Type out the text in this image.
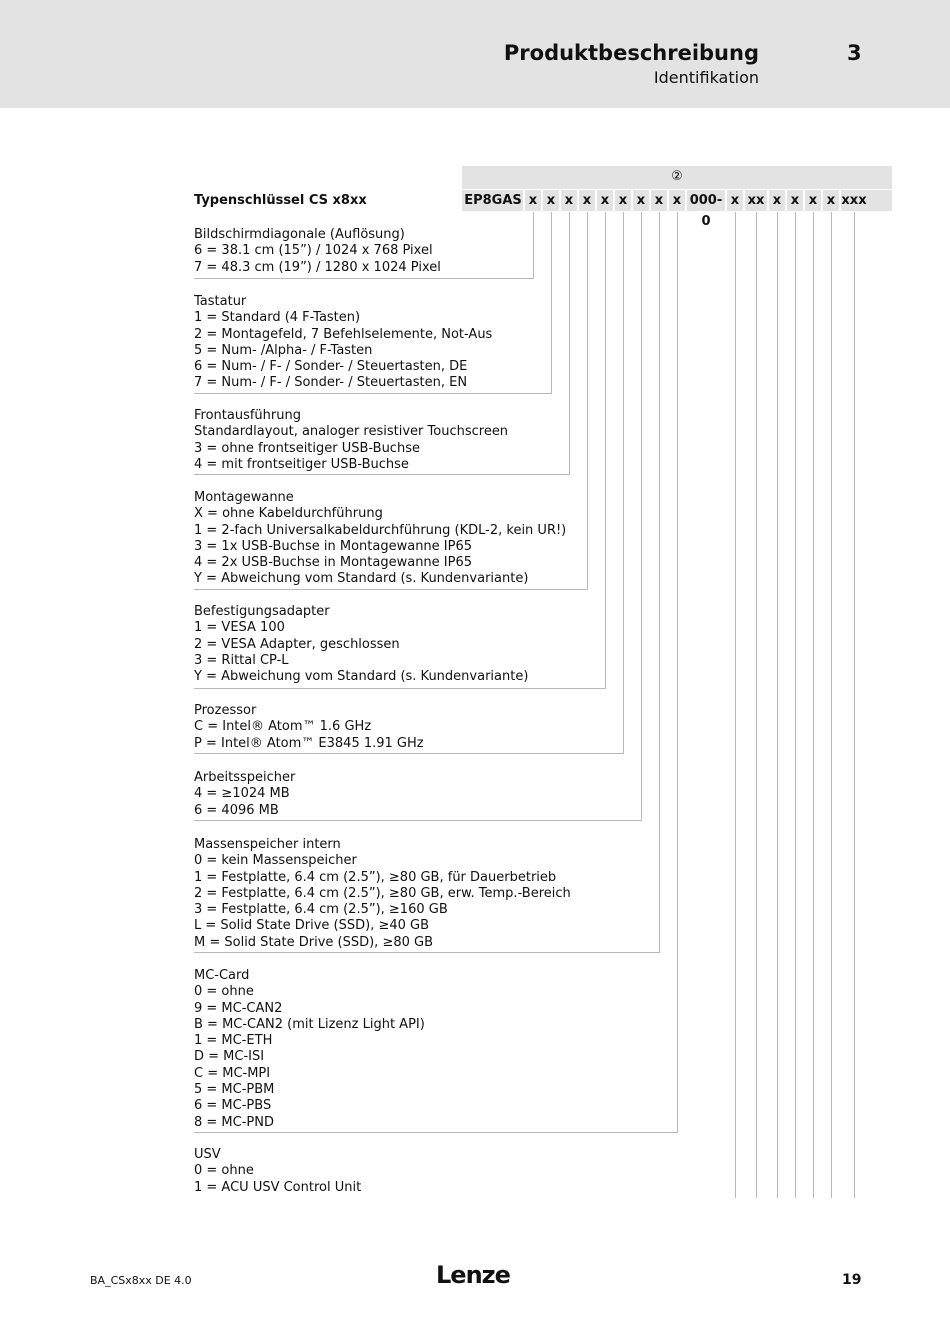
Produktbeschreibung	3
Identifikation
Typenschlüssel CS x8xx
②
EP8GAS x x x x x x x x x 000-0
x xx x x x x xxx
Bildschirmdiagonale (Auflösung)
6 = 38.1 cm (15”) / 1024 x 768 Pixel
7 = 48.3 cm (19”) / 1280 x 1024 Pixel
Tastatur
1 = Standard (4 F-Tasten)
2 = Montagefeld, 7 Befehlselemente, Not-Aus
5 = Num- /Alpha- / F-Tasten
6 = Num- / F- / Sonder- / Steuertasten, DE
7 = Num- / F- / Sonder- / Steuertasten, EN
Frontausführung
Standardlayout, analoger resistiver Touchscreen
3 = ohne frontseitiger USB-Buchse
4 = mit frontseitiger USB-Buchse
Montagewanne
X = ohne Kabeldurchführung
1 = 2-fach Universalkabeldurchführung (KDL-2, kein UR!)
3 = 1x USB-Buchse in Montagewanne IP65
4 = 2x USB-Buchse in Montagewanne IP65
Y = Abweichung vom Standard (s. Kundenvariante)
Befestigungsadapter
1 = VESA 100
2 = VESA Adapter, geschlossen
3 = Rittal CP-L
Y = Abweichung vom Standard (s. Kundenvariante)
Prozessor
C = Intel® Atom™ 1.6 GHz
P = Intel® Atom™ E3845 1.91 GHz
Arbeitsspeicher
4 = ≥1024 MB
6 = 4096 MB
Massenspeicher intern
0 = kein Massenspeicher
1 = Festplatte, 6.4 cm (2.5”), ≥80 GB, für Dauerbetrieb
2 = Festplatte, 6.4 cm (2.5”), ≥80 GB, erw. Temp.-Bereich
3 = Festplatte, 6.4 cm (2.5”), ≥160 GB
L = Solid State Drive (SSD), ≥40 GB
M = Solid State Drive (SSD), ≥80 GB
MC-Card
0 = ohne
9 = MC-CAN2
B = MC-CAN2 (mit Lizenz Light API)
1 = MC-ETH
D = MC-ISI
C = MC-MPI
5 = MC-PBM
6 = MC-PBS
8 = MC-PND
USV
0 = ohne
1 = ACU USV Control Unit
BA_CSx8xx DE 4.0	Lenze	19
